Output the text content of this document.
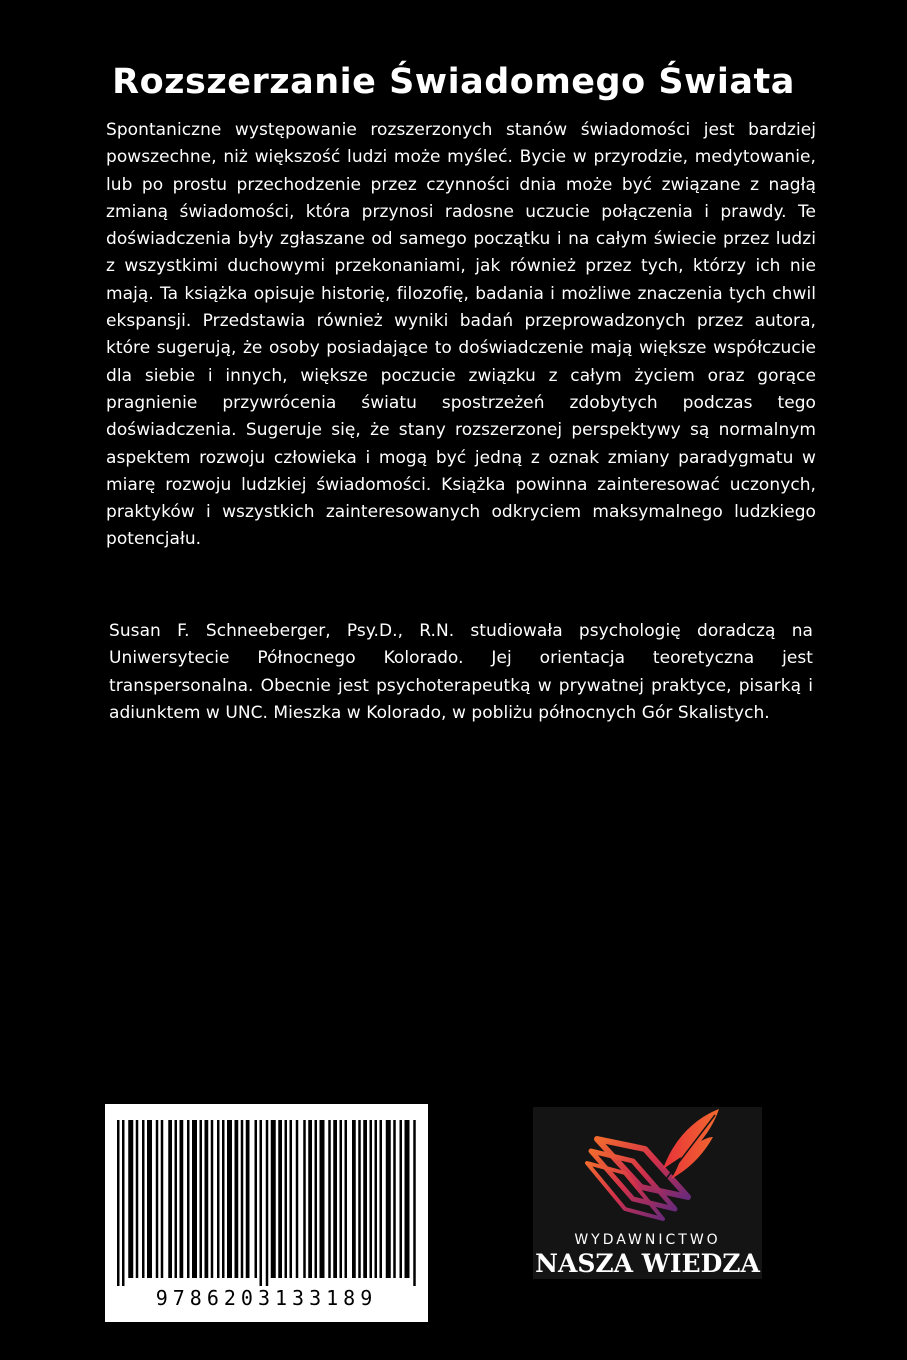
Rozszerzanie Świadomego Świata

Spontaniczne występowanie rozszerzonych stanów świadomości jest bardziej powszechne, niż większość ludzi może myśleć. Bycie w przyrodzie, medytowanie, lub po prostu przechodzenie przez czynności dnia może być związane z nagłą zmianą świadomości, która przynosi radosne uczucie połączenia i prawdy. Te doświadczenia były zgłaszane od samego początku i na całym świecie przez ludzi z wszystkimi duchowymi przekonaniami, jak również przez tych, którzy ich nie mają. Ta książka opisuje historię, filozofię, badania i możliwe znaczenia tych chwil ekspansji. Przedstawia również wyniki badań przeprowadzonych przez autora, które sugerują, że osoby posiadające to doświadczenie mają większe współczucie dla siebie i innych, większe poczucie związku z całym życiem oraz gorące pragnienie przywrócenia światu spostrzeżeń zdobytych podczas tego doświadczenia. Sugeruje się, że stany rozszerzonej perspektywy są normalnym aspektem rozwoju człowieka i mogą być jedną z oznak zmiany paradygmatu w miarę rozwoju ludzkiej świadomości. Książka powinna zainteresować uczonych, praktyków i wszystkich zainteresowanych odkryciem maksymalnego ludzkiego potencjału.

Susan F. Schneeberger, Psy.D., R.N. studiowała psychologię doradczą na Uniwersytecie Północnego Kolorado. Jej orientacja teoretyczna jest transpersonalna. Obecnie jest psychoterapeutką w prywatnej praktyce, pisarką i adiunktem w UNC. Mieszka w Kolorado, w pobliżu północnych Gór Skalistych.

9786203133189
WYDAWNICTWO
NASZA WIEDZA
